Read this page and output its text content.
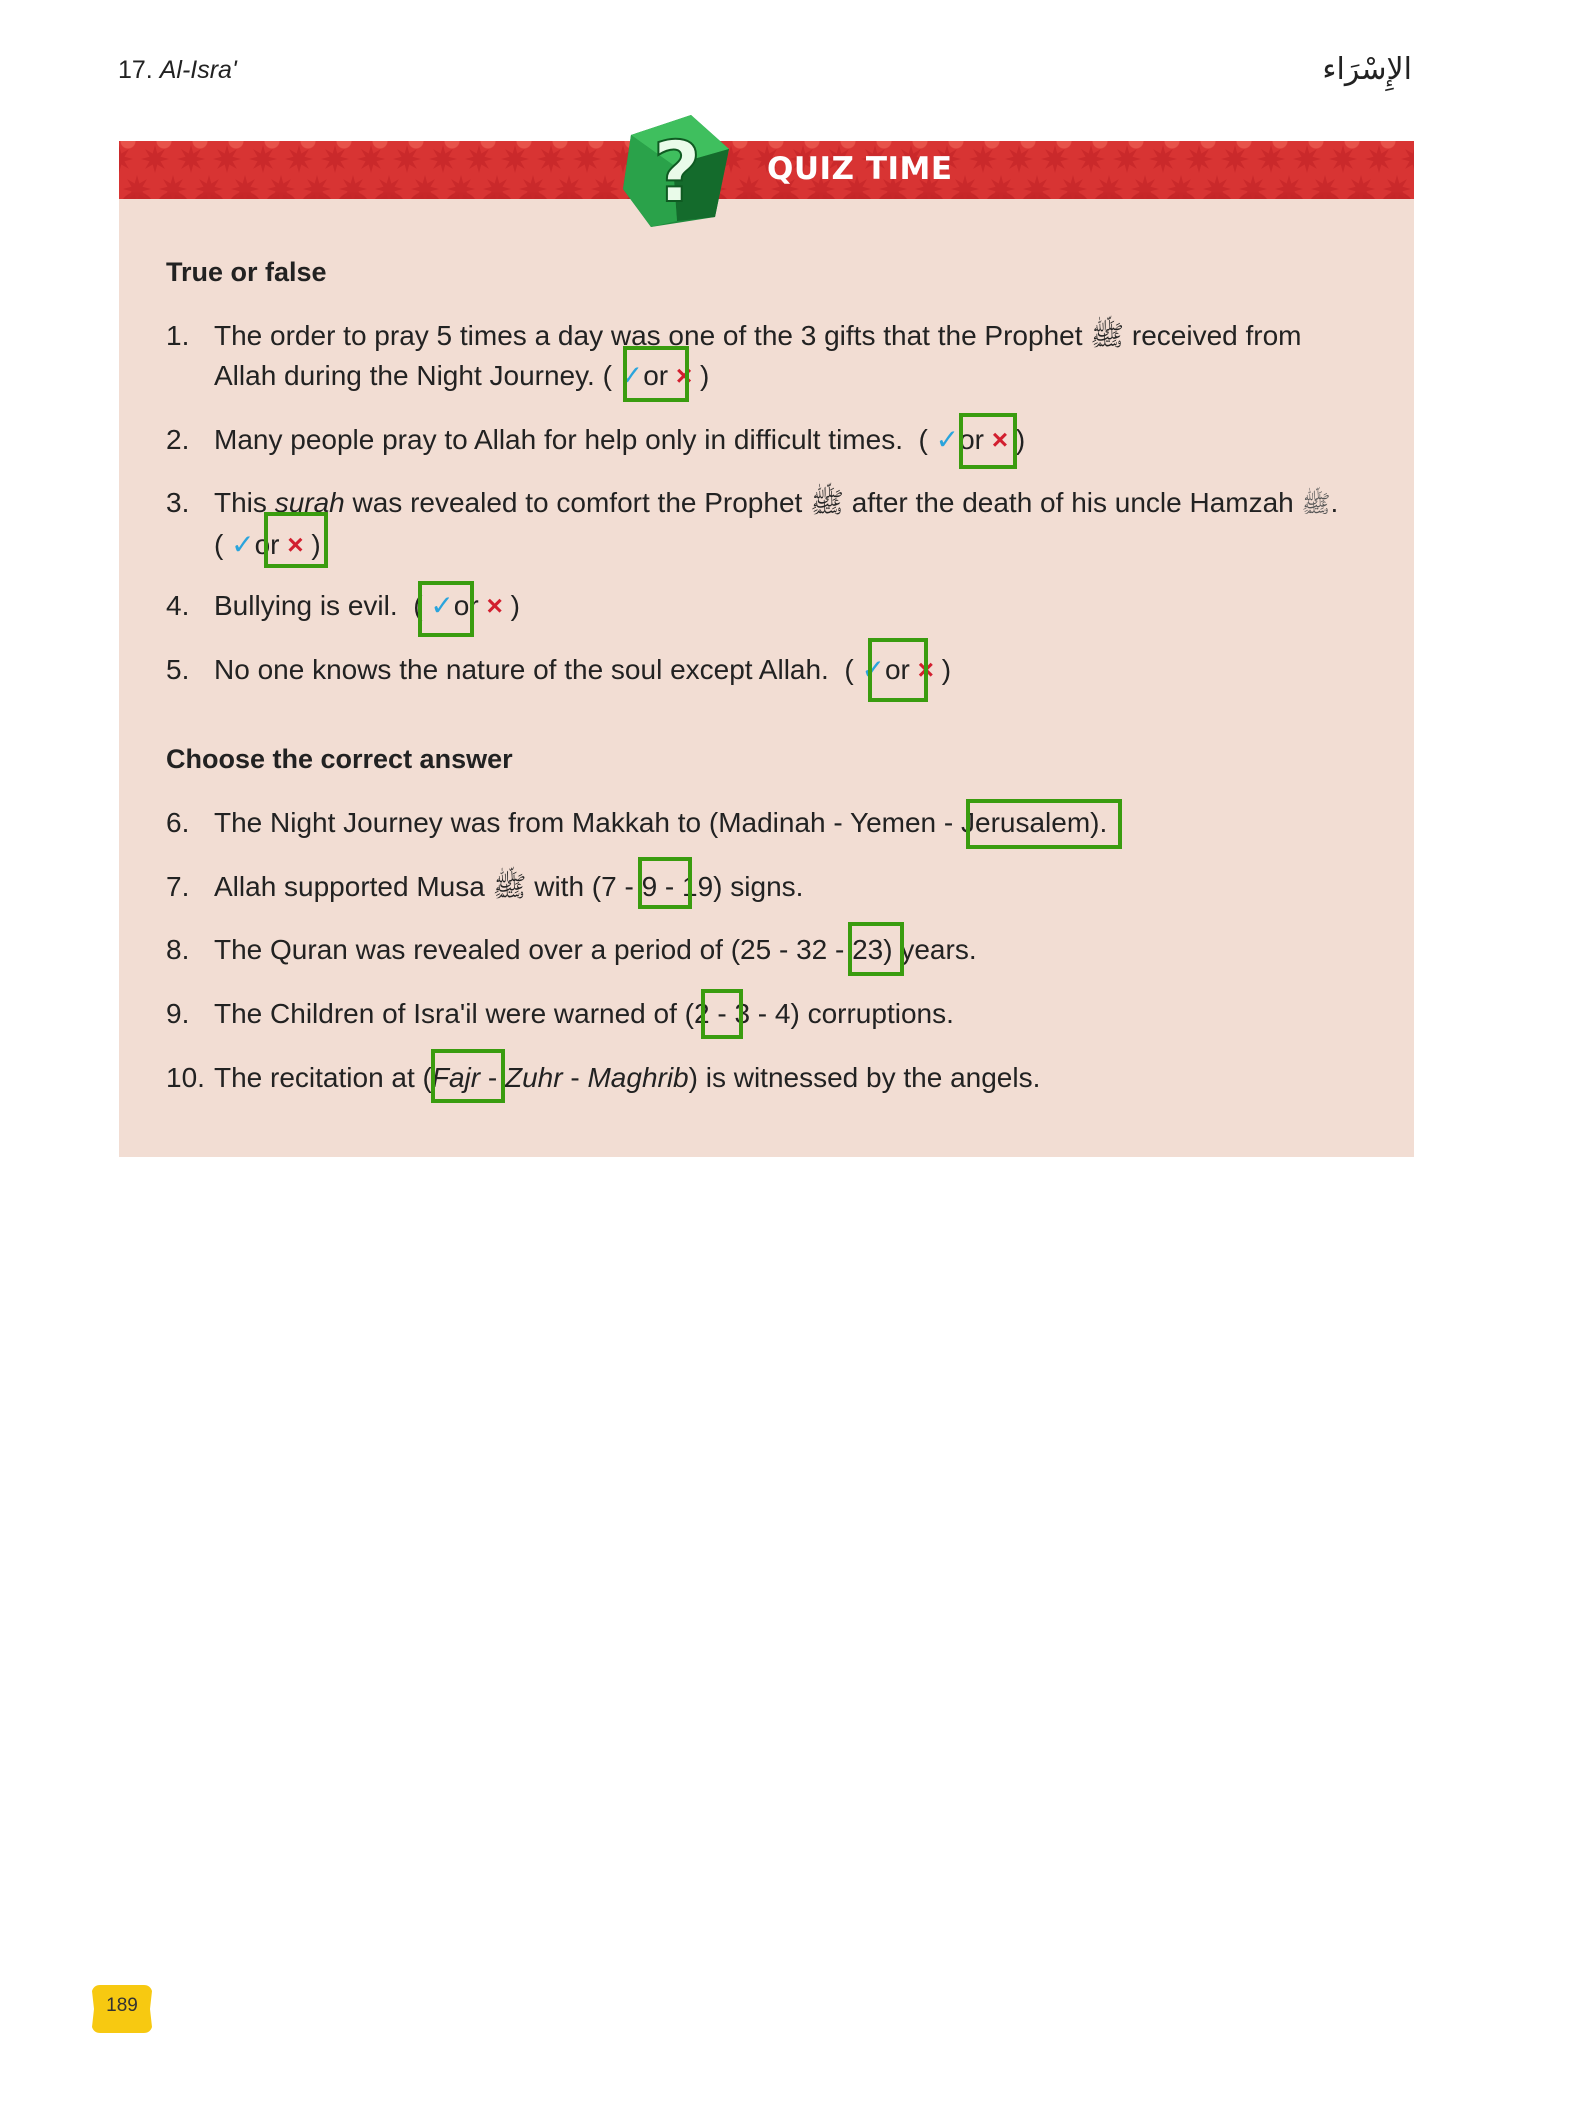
17. Al-Isra'	الإِسْرَاء
QUIZ TIME
?
True or false
1. The order to pray 5 times a day was one of the 3 gifts that the Prophet ﷺ received from
Allah during the Night Journey. ( ✓or × )
2. Many people pray to Allah for help only in difficult times.  ( ✓or × )
3. This surah was revealed to comfort the Prophet ﷺ after the death of his uncle Hamzah ﷺ.
( ✓or × )
4. Bullying is evil.  ( ✓or × )
5. No one knows the nature of the soul except Allah.  ( ✓or × )
Choose the correct answer
6. The Night Journey was from Makkah to (Madinah - Yemen - Jerusalem).
7. Allah supported Musa ﷺ with (7 - 9 - 19) signs.
8. The Quran was revealed over a period of (25 - 32 - 23) years.
9. The Children of Isra'il were warned of (2 - 3 - 4) corruptions.
10. The recitation at (Fajr - Zuhr - Maghrib) is witnessed by the angels.
189
